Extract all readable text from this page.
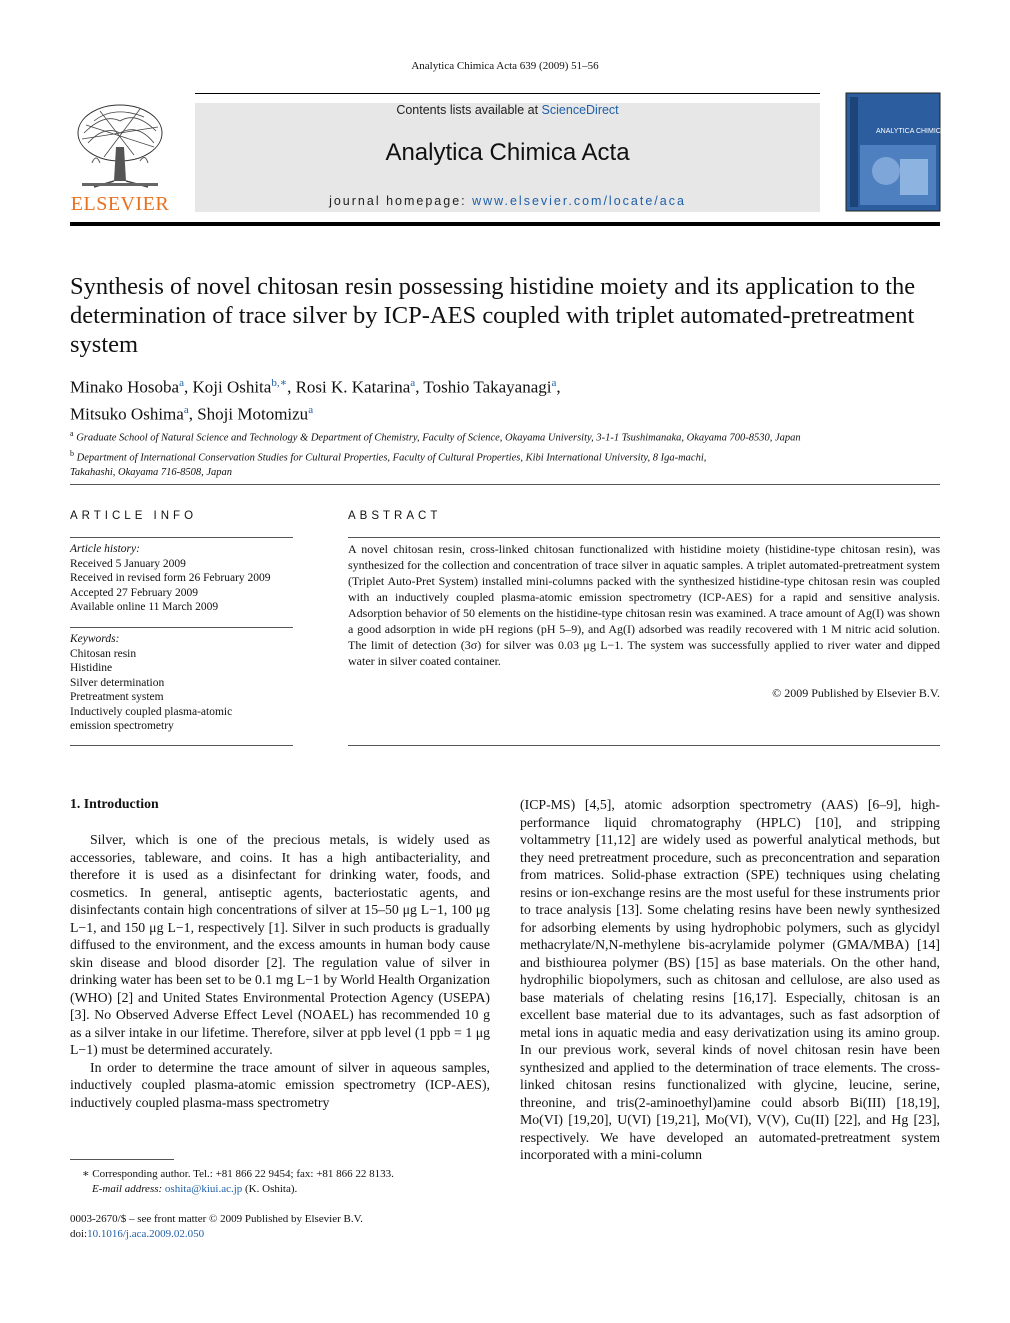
Analytica Chimica Acta 639 (2009) 51–56
ELSEVIER
Contents lists available at ScienceDirect
Analytica Chimica Acta
journal homepage: www.elsevier.com/locate/aca
ANALYTICA CHIMICA ACTA
Synthesis of novel chitosan resin possessing histidine moiety and its application to the determination of trace silver by ICP-AES coupled with triplet automated-pretreatment system
Minako Hosoba$^a$, Koji Oshita$^{b,∗}$, Rosi K. Katarina$^a$, Toshio Takayanagi$^a$,
Mitsuko Oshima$^a$, Shoji Motomizu$^a$
$^a$ Graduate School of Natural Science and Technology & Department of Chemistry, Faculty of Science, Okayama University, 3-1-1 Tsushimanaka, Okayama 700-8530, Japan
$^b$ Department of International Conservation Studies for Cultural Properties, Faculty of Cultural Properties, Kibi International University, 8 Iga-machi,
Takahashi, Okayama 716-8508, Japan
ARTICLE INFO
Article history:
Received 5 January 2009
Received in revised form 26 February 2009
Accepted 27 February 2009
Available online 11 March 2009
Keywords:
Chitosan resin
Histidine
Silver determination
Pretreatment system
Inductively coupled plasma-atomic
emission spectrometry
ABSTRACT
A novel chitosan resin, cross-linked chitosan functionalized with histidine moiety (histidine-type chitosan resin), was synthesized for the collection and concentration of trace silver in aquatic samples. A triplet automated-pretreatment system (Triplet Auto-Pret System) installed mini-columns packed with the synthesized histidine-type chitosan resin was coupled with an inductively coupled plasma-atomic emission spectrometry (ICP-AES) for a rapid and sensitive analysis. Adsorption behavior of 50 elements on the histidine-type chitosan resin was examined. A trace amount of Ag(I) was shown a good adsorption in wide pH regions (pH 5–9), and Ag(I) adsorbed was readily recovered with 1 M nitric acid solution. The limit of detection (3σ) for silver was 0.03 μg L−1. The system was successfully applied to river water and dipped water in silver coated container.
© 2009 Published by Elsevier B.V.
1. Introduction

Silver, which is one of the precious metals, is widely used as accessories, tableware, and coins. It has a high antibacteriality, and therefore it is used as a disinfectant for drinking water, foods, and cosmetics. In general, antiseptic agents, bacteriostatic agents, and disinfectants contain high concentrations of silver at 15–50 μg L−1, 100 μg L−1, and 150 μg L−1, respectively [1]. Silver in such products is gradually diffused to the environment, and the excess amounts in human body cause skin disease and blood disorder [2]. The regulation value of silver in drinking water has been set to be 0.1 mg L−1 by World Health Organization (WHO) [2] and United States Environmental Protection Agency (USEPA) [3]. No Observed Adverse Effect Level (NOAEL) has recommended 10 g as a silver intake in our lifetime. Therefore, silver at ppb level (1 ppb = 1 μg L−1) must be determined accurately.

In order to determine the trace amount of silver in aqueous samples, inductively coupled plasma-atomic emission spectrometry (ICP-AES), inductively coupled plasma-mass spectrometry

(ICP-MS) [4,5], atomic adsorption spectrometry (AAS) [6–9], high-performance liquid chromatography (HPLC) [10], and stripping voltammetry [11,12] are widely used as powerful analytical methods, but they need pretreatment procedure, such as preconcentration and separation from matrices. Solid-phase extraction (SPE) techniques using chelating resins or ion-exchange resins are the most useful for these instruments prior to trace analysis [13]. Some chelating resins have been newly synthesized for adsorbing elements by using hydrophobic polymers, such as glycidyl methacrylate/N,N-methylene bis-acrylamide polymer (GMA/MBA) [14] and bisthiourea polymer (BS) [15] as base materials. On the other hand, hydrophilic biopolymers, such as chitosan and cellulose, are also used as base materials of chelating resins [16,17]. Especially, chitosan is an excellent base material due to its advantages, such as fast adsorption of metal ions in aquatic media and easy derivatization using its amino group. In our previous work, several kinds of novel chitosan resin have been synthesized and applied to the determination of trace elements. The cross-linked chitosan resins functionalized with glycine, leucine, serine, threonine, and tris(2-aminoethyl)amine could absorb Bi(III) [18,19], Mo(VI) [19,20], U(VI) [19,21], Mo(VI), V(V), Cu(II) [22], and Hg [23], respectively. We have developed an automated-pretreatment system incorporated with a mini-column

∗ Corresponding author. Tel.: +81 866 22 9454; fax: +81 866 22 8133.
E-mail address: oshita@kiui.ac.jp (K. Oshita).
0003-2670/$ – see front matter © 2009 Published by Elsevier B.V.
doi:10.1016/j.aca.2009.02.050
